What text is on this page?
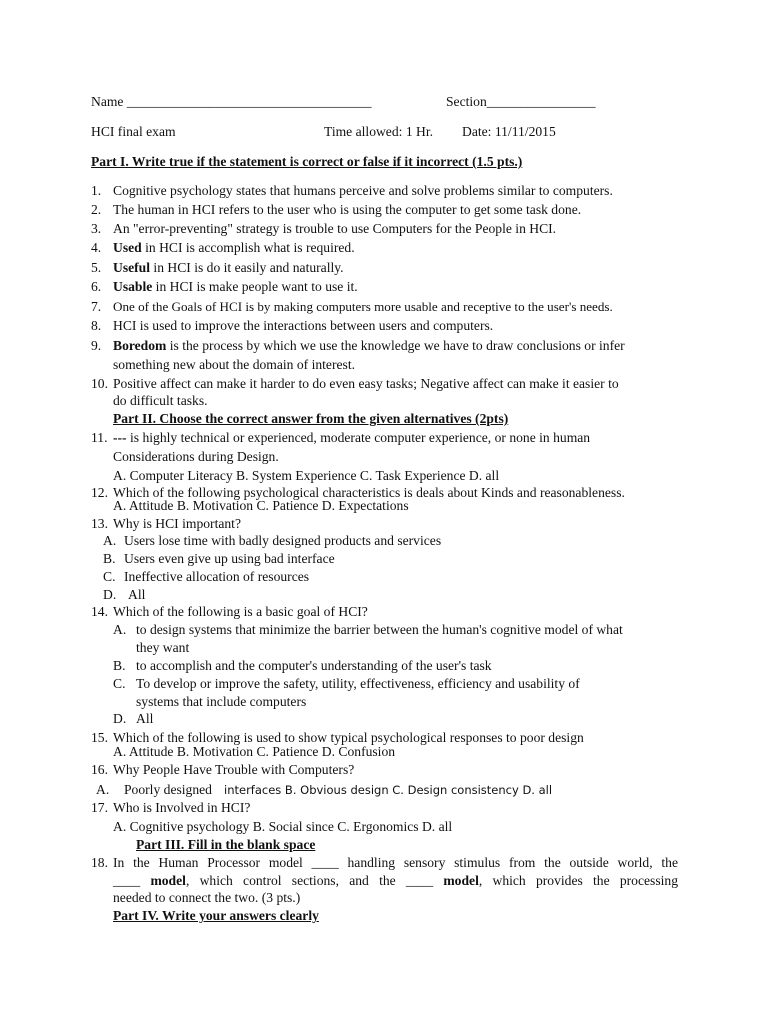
Name ____________________________________	Section________________
HCI final exam	Time allowed: 1 Hr. Date: 11/11/2015
Part I. Write true if the statement is correct or false if it incorrect (1.5 pts.)
1. Cognitive psychology states that humans perceive and solve problems similar to computers.
2. The human in HCI refers to the user who is using the computer to get some task done.
3. An "error-preventing" strategy is trouble to use Computers for the People in HCI.
4. Used in HCI is accomplish what is required.
5. Useful in HCI is do it easily and naturally.
6. Usable in HCI is make people want to use it.
7. One of the Goals of HCI is by making computers more usable and receptive to the user's needs.
8. HCI is used to improve the interactions between users and computers.
9. Boredom is the process by which we use the knowledge we have to draw conclusions or infer
something new about the domain of interest.
10. Positive affect can make it harder to do even easy tasks; Negative affect can make it easier to
do difficult tasks.
Part II. Choose the correct answer from the given alternatives (2pts)
11. --- is highly technical or experienced, moderate computer experience, or none in human
Considerations during Design.
A. Computer Literacy B. System Experience C. Task Experience D. all
12. Which of the following psychological characteristics is deals about Kinds and reasonableness.
A. Attitude B. Motivation C. Patience D. Expectations
13. Why is HCI important?
A. Users lose time with badly designed products and services
B. Users even give up using bad interface
C. Ineffective allocation of resources
D. All
14. Which of the following is a basic goal of HCI?
A. to design systems that minimize the barrier between the human's cognitive model of what
they want
B. to accomplish and the computer's understanding of the user's task
C. To develop or improve the safety, utility, effectiveness, efficiency and usability of
systems that include computers
D. All
15. Which of the following is used to show typical psychological responses to poor design
A. Attitude B. Motivation C. Patience D. Confusion
16. Why People Have Trouble with Computers?
A. Poorly designed interfaces B. Obvious design C. Design consistency D. all
17. Who is Involved in HCI?
A. Cognitive psychology B. Social since C. Ergonomics D. all
Part III. Fill in the blank space
18. In the Human Processor model ____ handling sensory stimulus from the outside world, the
____ model, which control sections, and the ____ model, which provides the processing
needed to connect the two. (3 pts.)
Part IV. Write your answers clearly
